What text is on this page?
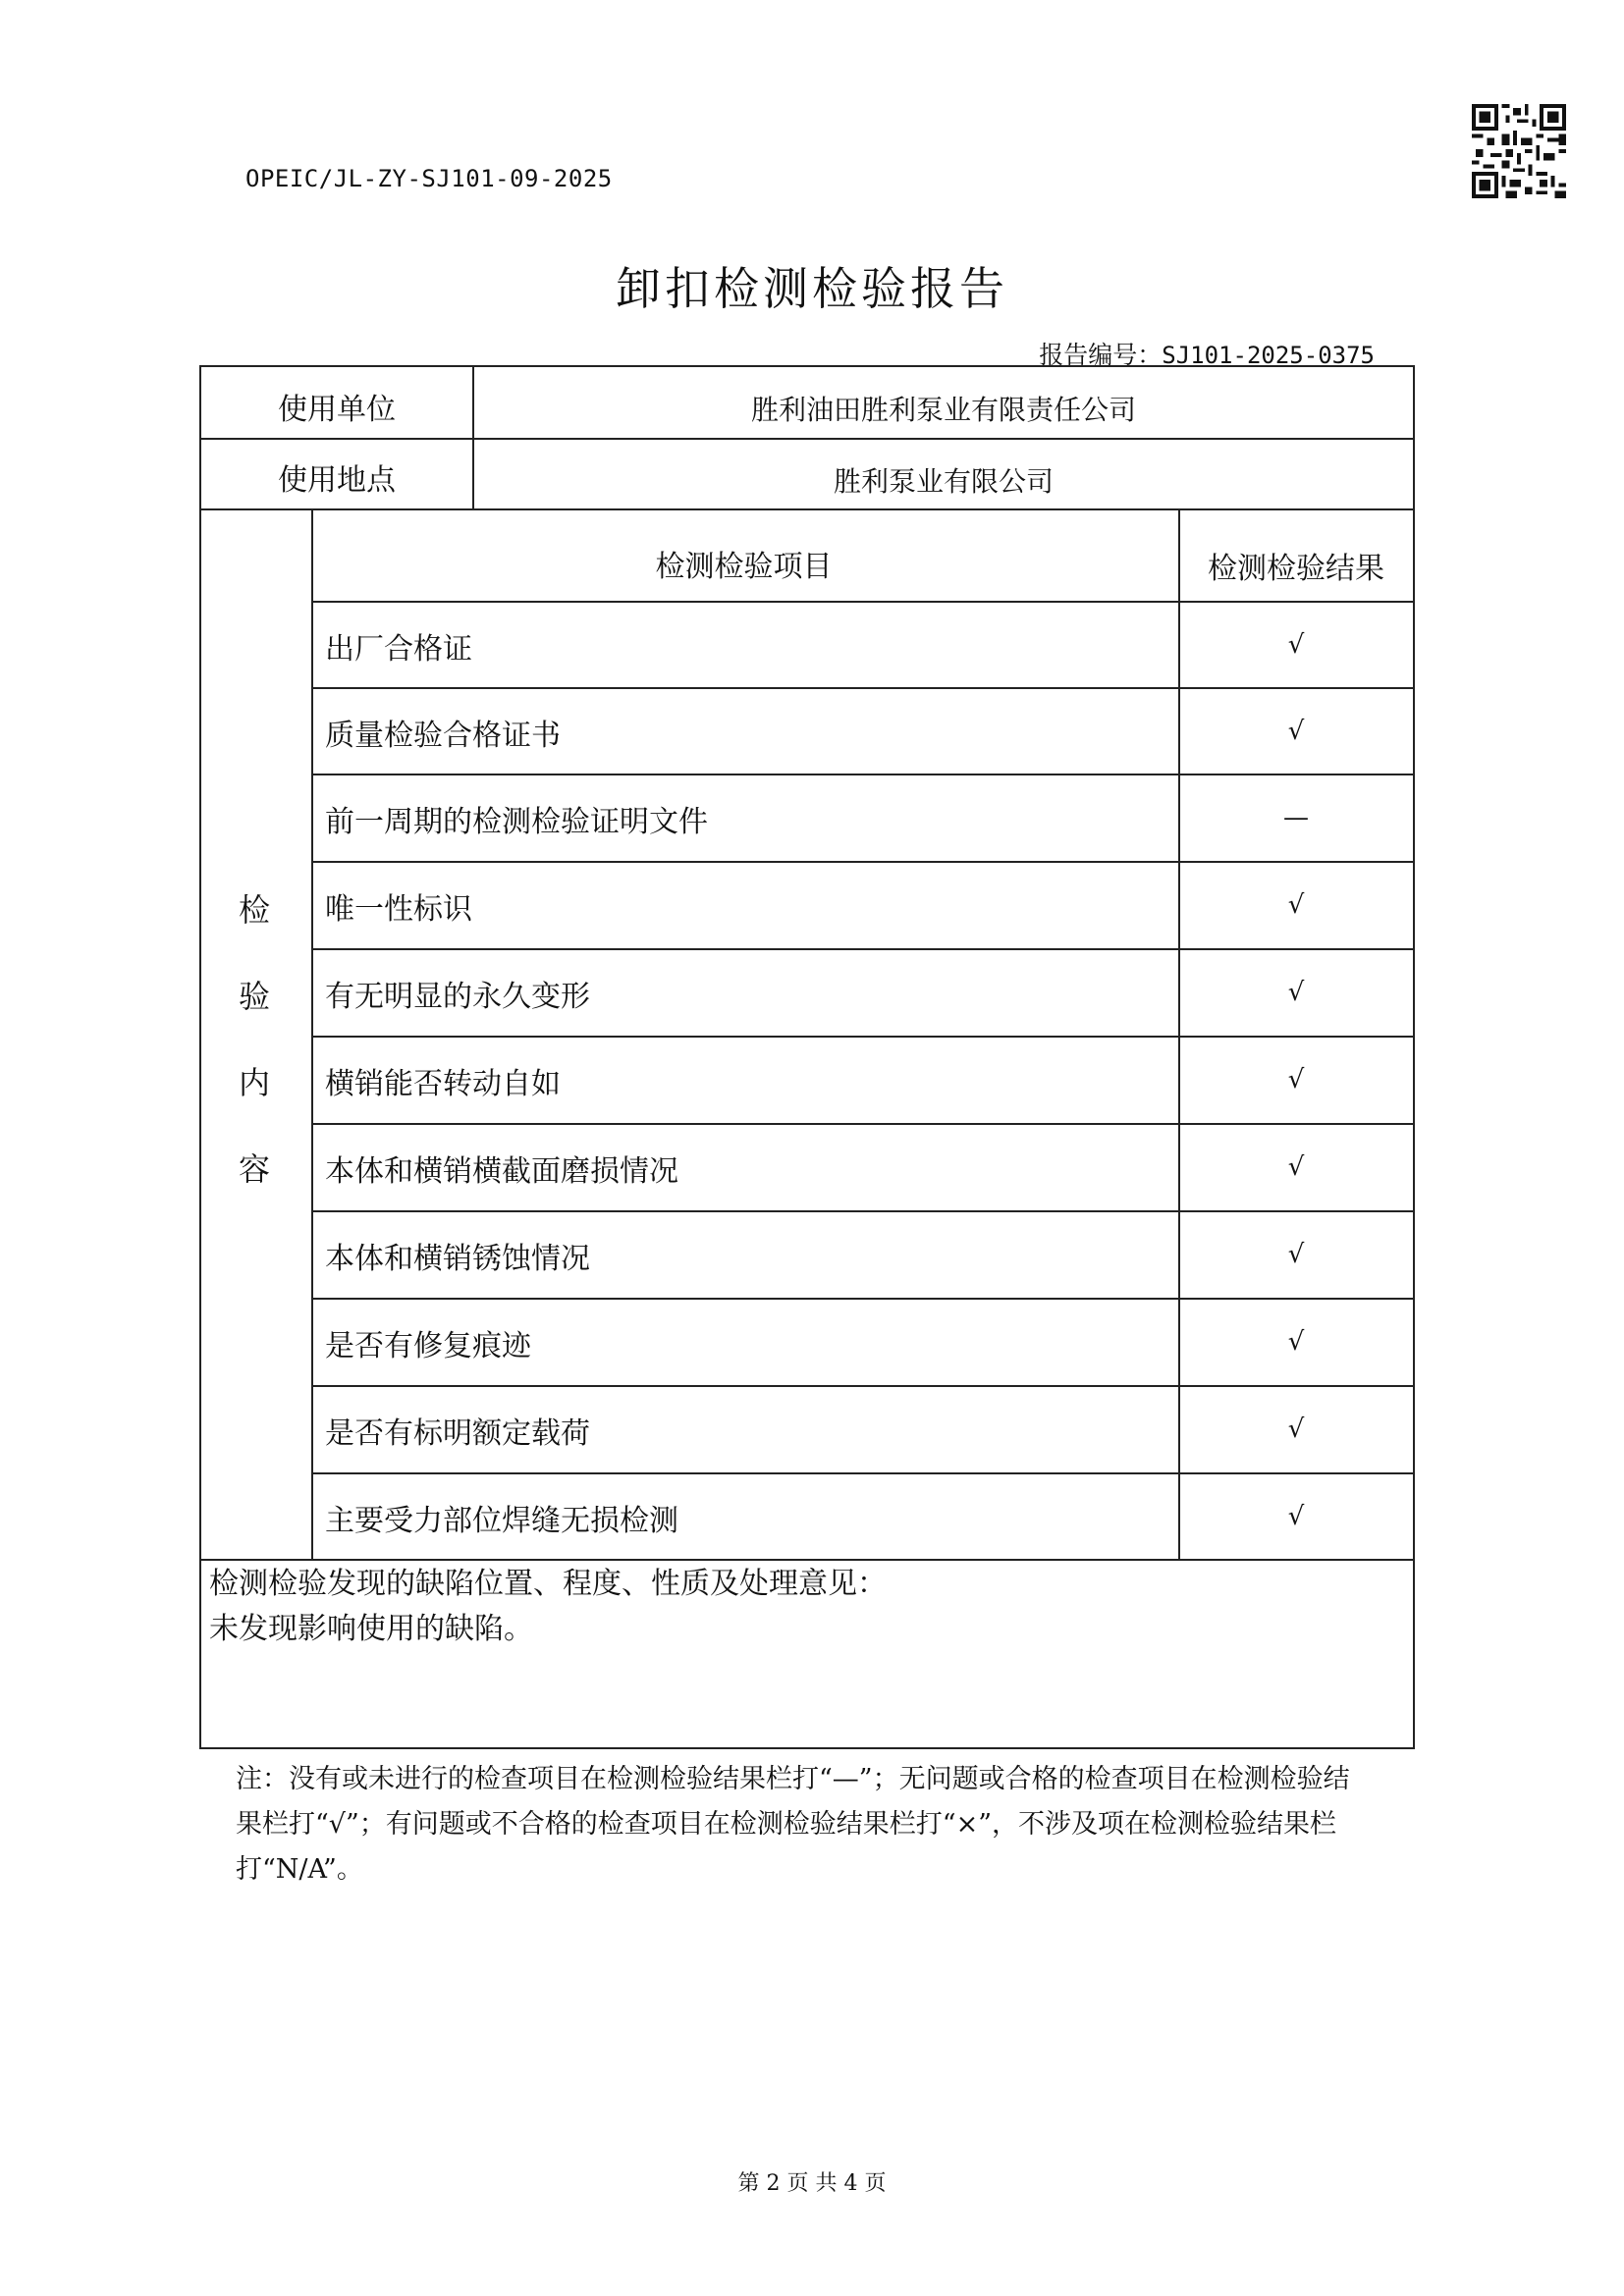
OPEIC/JL-ZY-SJ101-09-2025
卸扣检测检验报告
报告编号：SJ101-2025-0375
使用单位	胜利油田胜利泵业有限责任公司
使用地点	胜利泵业有限公司
检
验
内
容
检测检验项目	检测检验结果
出厂合格证	√
质量检验合格证书	√
前一周期的检测检验证明文件	—
唯一性标识	√
有无明显的永久变形	√
横销能否转动自如	√
本体和横销横截面磨损情况	√
本体和横销锈蚀情况	√
是否有修复痕迹	√
是否有标明额定载荷	√
主要受力部位焊缝无损检测	√
检测检验发现的缺陷位置、程度、性质及处理意见：
未发现影响使用的缺陷。
注：没有或未进行的检查项目在检测检验结果栏打“—”；无问题或合格的检查项目在检测检验结果栏打“√”；有问题或不合格的检查项目在检测检验结果栏打“×”，不涉及项在检测检验结果栏打“N/A”。
第 2 页 共 4 页
